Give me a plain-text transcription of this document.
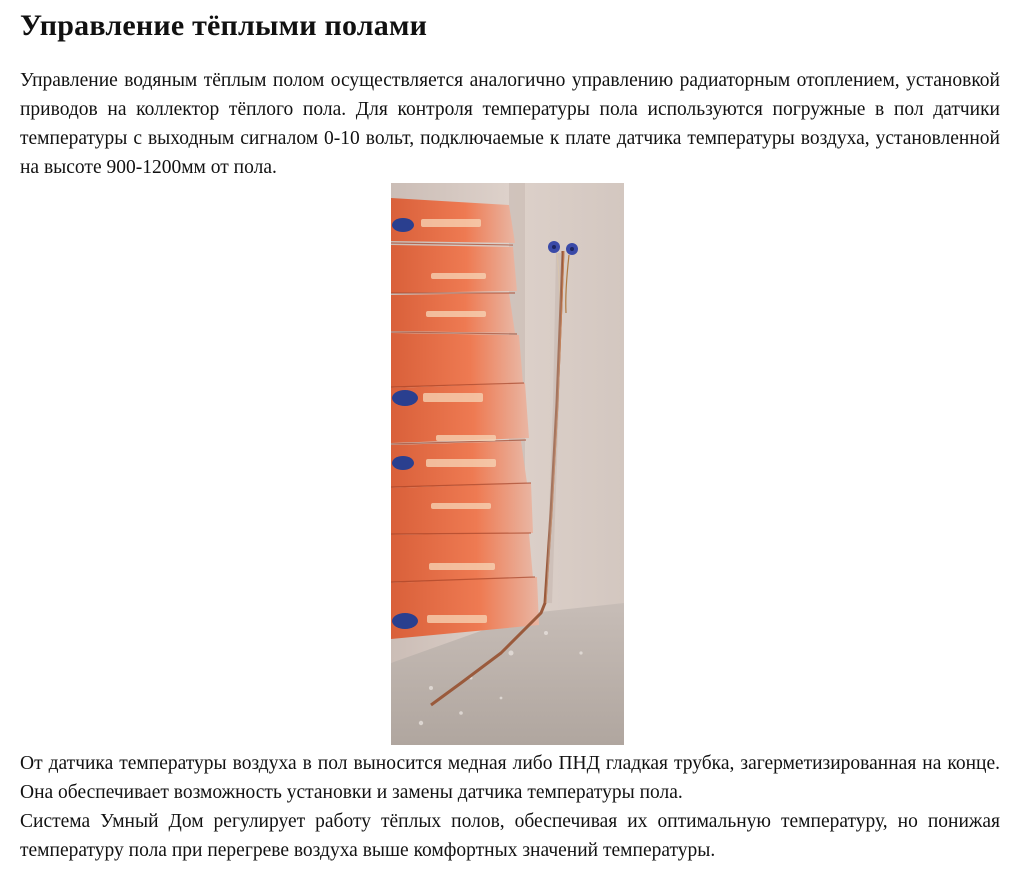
Управление тёплыми полами

Управление водяным тёплым полом осуществляется аналогично управлению радиаторным отоплением, установкой приводов на коллектор тёплого пола. Для контроля температуры пола используются погружные в пол датчики температуры с выходным сигналом 0-10 вольт, подключаемые к плате датчика температуры воздуха, установленной на высоте 900-1200мм от пола.

От датчика температуры воздуха в пол выносится медная либо ПНД гладкая трубка, загерметизированная на конце. Она обеспечивает возможность установки и замены датчика температуры пола.

Система Умный Дом регулирует работу тёплых полов, обеспечивая их оптимальную температуру, но понижая температуру пола при перегреве воздуха выше комфортных значений температуры.
